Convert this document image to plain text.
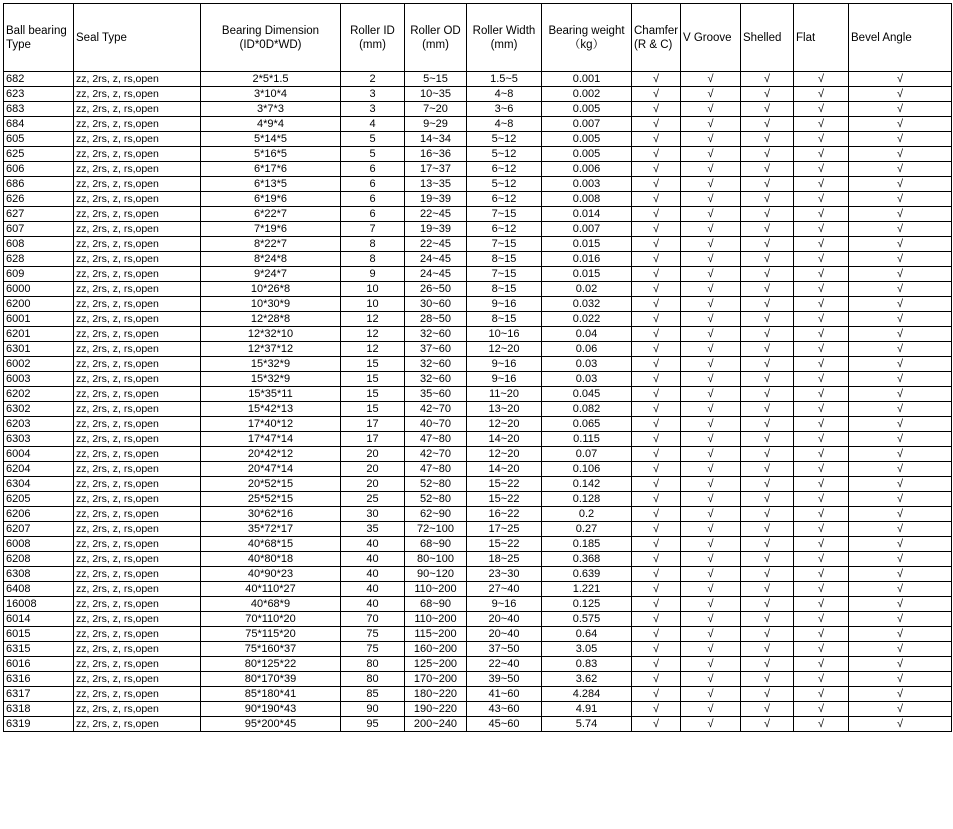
Ball bearing Type	Seal Type	Bearing Dimension (ID*0D*WD)	Roller ID (mm)	Roller OD (mm)	Roller Width (mm)	Bearing weight （kg）	Chamfer (R & C)	V Groove	Shelled	Flat	Bevel Angle
682	zz, 2rs, z, rs,open	2*5*1.5	2	5~15	1.5~5	0.001	√	√	√	√	√
623	zz, 2rs, z, rs,open	3*10*4	3	10~35	4~8	0.002	√	√	√	√	√
683	zz, 2rs, z, rs,open	3*7*3	3	7~20	3~6	0.005	√	√	√	√	√
684	zz, 2rs, z, rs,open	4*9*4	4	9~29	4~8	0.007	√	√	√	√	√
605	zz, 2rs, z, rs,open	5*14*5	5	14~34	5~12	0.005	√	√	√	√	√
625	zz, 2rs, z, rs,open	5*16*5	5	16~36	5~12	0.005	√	√	√	√	√
606	zz, 2rs, z, rs,open	6*17*6	6	17~37	6~12	0.006	√	√	√	√	√
686	zz, 2rs, z, rs,open	6*13*5	6	13~35	5~12	0.003	√	√	√	√	√
626	zz, 2rs, z, rs,open	6*19*6	6	19~39	6~12	0.008	√	√	√	√	√
627	zz, 2rs, z, rs,open	6*22*7	6	22~45	7~15	0.014	√	√	√	√	√
607	zz, 2rs, z, rs,open	7*19*6	7	19~39	6~12	0.007	√	√	√	√	√
608	zz, 2rs, z, rs,open	8*22*7	8	22~45	7~15	0.015	√	√	√	√	√
628	zz, 2rs, z, rs,open	8*24*8	8	24~45	8~15	0.016	√	√	√	√	√
609	zz, 2rs, z, rs,open	9*24*7	9	24~45	7~15	0.015	√	√	√	√	√
6000	zz, 2rs, z, rs,open	10*26*8	10	26~50	8~15	0.02	√	√	√	√	√
6200	zz, 2rs, z, rs,open	10*30*9	10	30~60	9~16	0.032	√	√	√	√	√
6001	zz, 2rs, z, rs,open	12*28*8	12	28~50	8~15	0.022	√	√	√	√	√
6201	zz, 2rs, z, rs,open	12*32*10	12	32~60	10~16	0.04	√	√	√	√	√
6301	zz, 2rs, z, rs,open	12*37*12	12	37~60	12~20	0.06	√	√	√	√	√
6002	zz, 2rs, z, rs,open	15*32*9	15	32~60	9~16	0.03	√	√	√	√	√
6003	zz, 2rs, z, rs,open	15*32*9	15	32~60	9~16	0.03	√	√	√	√	√
6202	zz, 2rs, z, rs,open	15*35*11	15	35~60	11~20	0.045	√	√	√	√	√
6302	zz, 2rs, z, rs,open	15*42*13	15	42~70	13~20	0.082	√	√	√	√	√
6203	zz, 2rs, z, rs,open	17*40*12	17	40~70	12~20	0.065	√	√	√	√	√
6303	zz, 2rs, z, rs,open	17*47*14	17	47~80	14~20	0.115	√	√	√	√	√
6004	zz, 2rs, z, rs,open	20*42*12	20	42~70	12~20	0.07	√	√	√	√	√
6204	zz, 2rs, z, rs,open	20*47*14	20	47~80	14~20	0.106	√	√	√	√	√
6304	zz, 2rs, z, rs,open	20*52*15	20	52~80	15~22	0.142	√	√	√	√	√
6205	zz, 2rs, z, rs,open	25*52*15	25	52~80	15~22	0.128	√	√	√	√	√
6206	zz, 2rs, z, rs,open	30*62*16	30	62~90	16~22	0.2	√	√	√	√	√
6207	zz, 2rs, z, rs,open	35*72*17	35	72~100	17~25	0.27	√	√	√	√	√
6008	zz, 2rs, z, rs,open	40*68*15	40	68~90	15~22	0.185	√	√	√	√	√
6208	zz, 2rs, z, rs,open	40*80*18	40	80~100	18~25	0.368	√	√	√	√	√
6308	zz, 2rs, z, rs,open	40*90*23	40	90~120	23~30	0.639	√	√	√	√	√
6408	zz, 2rs, z, rs,open	40*110*27	40	110~200	27~40	1.221	√	√	√	√	√
16008	zz, 2rs, z, rs,open	40*68*9	40	68~90	9~16	0.125	√	√	√	√	√
6014	zz, 2rs, z, rs,open	70*110*20	70	110~200	20~40	0.575	√	√	√	√	√
6015	zz, 2rs, z, rs,open	75*115*20	75	115~200	20~40	0.64	√	√	√	√	√
6315	zz, 2rs, z, rs,open	75*160*37	75	160~200	37~50	3.05	√	√	√	√	√
6016	zz, 2rs, z, rs,open	80*125*22	80	125~200	22~40	0.83	√	√	√	√	√
6316	zz, 2rs, z, rs,open	80*170*39	80	170~200	39~50	3.62	√	√	√	√	√
6317	zz, 2rs, z, rs,open	85*180*41	85	180~220	41~60	4.284	√	√	√	√	√
6318	zz, 2rs, z, rs,open	90*190*43	90	190~220	43~60	4.91	√	√	√	√	√
6319	zz, 2rs, z, rs,open	95*200*45	95	200~240	45~60	5.74	√	√	√	√	√
